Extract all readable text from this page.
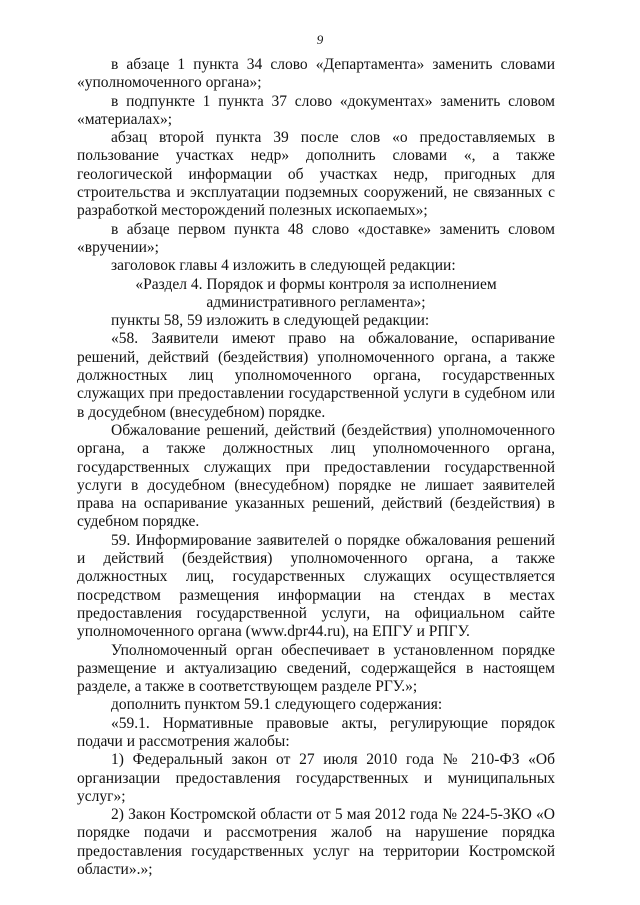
9

в абзаце 1 пункта 34 слово «Департамента» заменить словами «уполномоченного органа»;

в подпункте 1 пункта 37 слово «документах» заменить словом «материалах»;

абзац второй пункта 39 после слов «о предоставляемых в пользование участках недр» дополнить словами «, а также геологической информации об участках недр, пригодных для строительства и эксплуатации подземных сооружений, не связанных с разработкой месторождений полезных ископаемых»;

в абзаце первом пункта 48 слово «доставке» заменить словом «вручении»;

заголовок главы 4 изложить в следующей редакции:

«Раздел 4. Порядок и формы контроля за исполнением административного регламента»;

пункты 58, 59 изложить в следующей редакции:

«58. Заявители имеют право на обжалование, оспаривание решений, действий (бездействия) уполномоченного органа, а также должностных лиц уполномоченного органа, государственных служащих при предоставлении государственной услуги в судебном или в досудебном (внесудебном) порядке.

Обжалование решений, действий (бездействия) уполномоченного органа, а также должностных лиц уполномоченного органа, государственных служащих при предоставлении государственной услуги в досудебном (внесудебном) порядке не лишает заявителей права на оспаривание указанных решений, действий (бездействия) в судебном порядке.

59. Информирование заявителей о порядке обжалования решений и действий (бездействия) уполномоченного органа, а также должностных лиц, государственных служащих осуществляется посредством размещения информации на стендах в местах предоставления государственной услуги, на официальном сайте уполномоченного органа (www.dpr44.ru), на ЕПГУ и РПГУ.

Уполномоченный орган обеспечивает в установленном порядке размещение и актуализацию сведений, содержащейся в настоящем разделе, а также в соответствующем разделе РГУ.»;

дополнить пунктом 59.1 следующего содержания:

«59.1. Нормативные правовые акты, регулирующие порядок подачи и рассмотрения жалобы:

1) Федеральный закон от 27 июля 2010 года № 210-ФЗ «Об организации предоставления государственных и муниципальных услуг»;

2) Закон Костромской области от 5 мая 2012 года № 224-5-ЗКО «О порядке подачи и рассмотрения жалоб на нарушение порядка предоставления государственных услуг на территории Костромской области».»;
